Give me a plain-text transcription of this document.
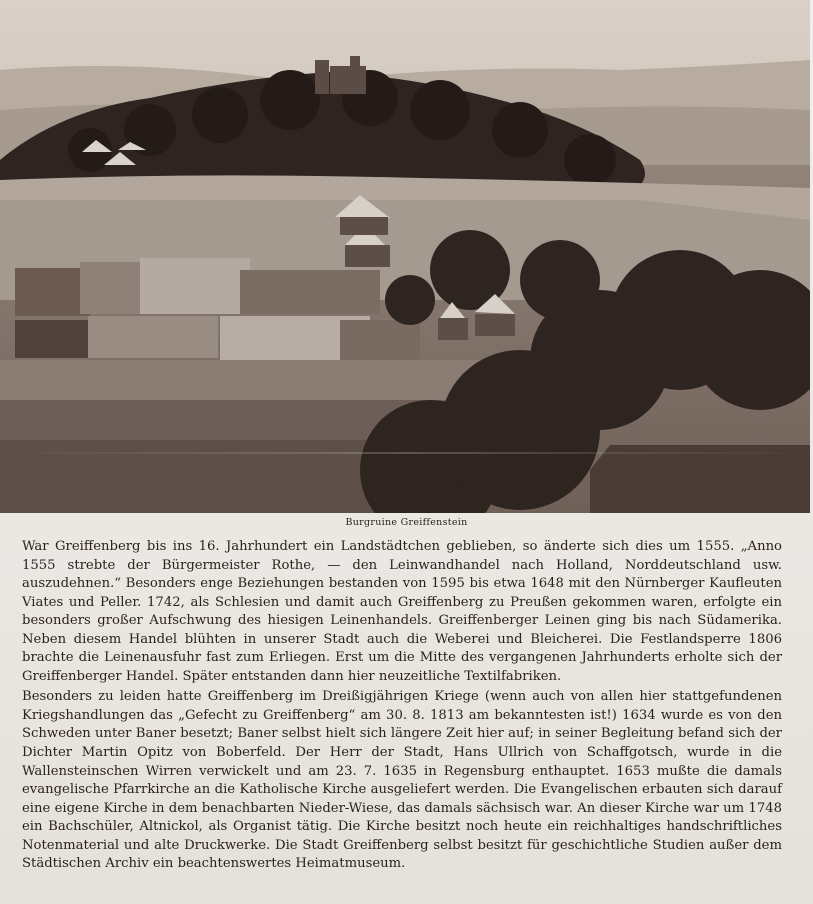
Burgruine Greiffenstein

War Greiffenberg bis ins 16. Jahrhundert ein Landstädtchen geblieben, so änderte sich dies um 1555. „Anno 1555 strebte der Bürgermeister Rothe, — den Leinwandhandel nach Holland, Norddeutschland usw. auszudehnen.“ Besonders enge Beziehungen bestanden von 1595 bis etwa 1648 mit den Nürnberger Kaufleuten Viates und Peller. 1742, als Schlesien und damit auch Greiffenberg zu Preußen gekommen waren, erfolgte ein besonders großer Aufschwung des hiesigen Leinenhandels. Greiffenberger Leinen ging bis nach Südamerika. Neben diesem Handel blühten in unserer Stadt auch die Weberei und Bleicherei. Die Festlandsperre 1806 brachte die Leinenausfuhr fast zum Erliegen. Erst um die Mitte des vergangenen Jahrhunderts erholte sich der Greiffenberger Handel. Später entstanden dann hier neuzeitliche Textilfabriken.

Besonders zu leiden hatte Greiffenberg im Dreißigjährigen Kriege (wenn auch von allen hier stattgefundenen Kriegshandlungen das „Gefecht zu Greiffenberg“ am 30. 8. 1813 am bekanntesten ist!) 1634 wurde es von den Schweden unter Baner besetzt; Baner selbst hielt sich längere Zeit hier auf; in seiner Begleitung befand sich der Dichter Martin Opitz von Boberfeld. Der Herr der Stadt, Hans Ullrich von Schaffgotsch, wurde in die Wallensteinschen Wirren verwickelt und am 23. 7. 1635 in Regensburg enthauptet. 1653 mußte die damals evangelische Pfarrkirche an die Katholische Kirche ausgeliefert werden. Die Evangelischen erbauten sich darauf eine eigene Kirche in dem benachbarten Nieder-Wiese, das damals sächsisch war. An dieser Kirche war um 1748 ein Bachschüler, Altnickol, als Organist tätig. Die Kirche besitzt noch heute ein reichhaltiges handschriftliches Notenmaterial und alte Druckwerke. Die Stadt Greiffenberg selbst besitzt für geschichtliche Studien außer dem Städtischen Archiv ein beachtenswertes Heimatmuseum.
